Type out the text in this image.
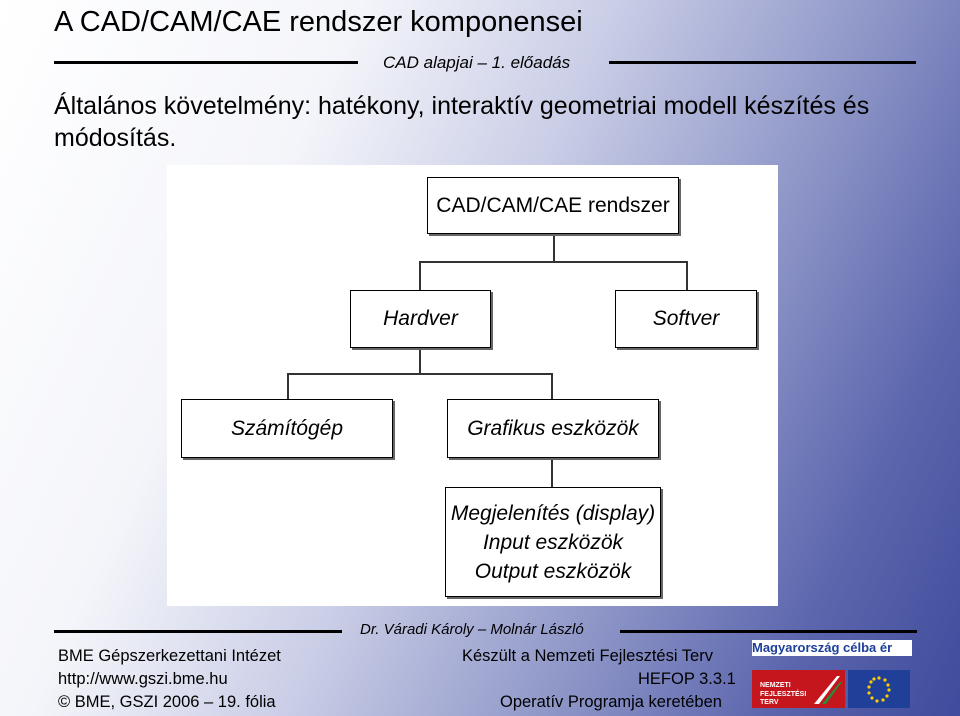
A CAD/CAM/CAE rendszer komponensei
CAD alapjai – 1. előadás
Általános követelmény: hatékony, interaktív geometriai modell készítés és módosítás.
CAD/CAM/CAE rendszer
Hardver	Softver
Számítógép	Grafikus eszközök
Megjelenítés (display)
Input eszközök
Output eszközök
Dr. Váradi Károly – Molnár László
BME Gépszerkezettani Intézet
http://www.gszi.bme.hu
© BME, GSZI 2006 – 19. fólia
Készült a Nemzeti Fejlesztési Terv
HEFOP 3.3.1
Operatív Programja keretében
Magyarország célba ér
NEMZETI
FEJLESZTÉSI
TERV
